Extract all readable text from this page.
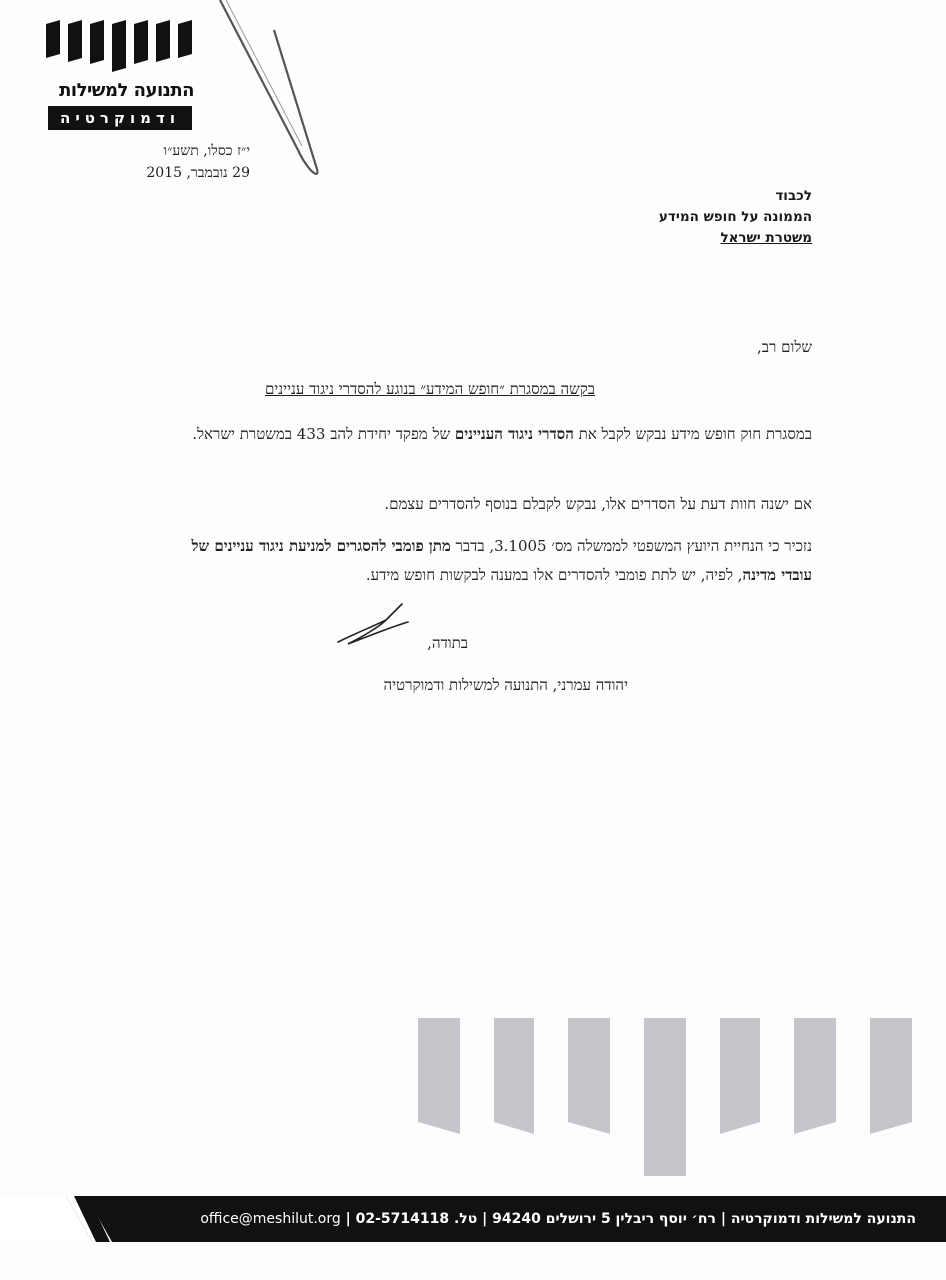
התנועה למשילות
ודמוקרטיה
י״ז כסלו, תשע״ו
29 נובמבר, 2015
לכבוד
הממונה על חופש המידע
משטרת ישראל
שלום רב,
בקשה במסגרת ״חופש המידע״ בנוגע להסדרי ניגוד עניינים
במסגרת חוק חופש מידע נבקש לקבל את הסדרי ניגוד העניינים של מפקד יחידת להב 433 במשטרת ישראל.
אם ישנה חוות דעת על הסדרים אלו, נבקש לקבלם בנוסף להסדרים עצמם.
נזכיר כי הנחיית היועץ המשפטי לממשלה מס׳ 3.1005, בדבר מתן פומבי להסגרים למניעת ניגוד עניינים של עובדי מדינה, לפיה, יש לתת פומבי להסדרים אלו במענה לבקשות חופש מידע.
בתודה,
יהודה עמרני, התנועה למשילות ודמוקרטיה
התנועה למשילות ודמוקרטיה | רח׳ יוסף ריבלין 5 ירושלים 94240 | טל. 02-5714118 | office@meshilut.org
